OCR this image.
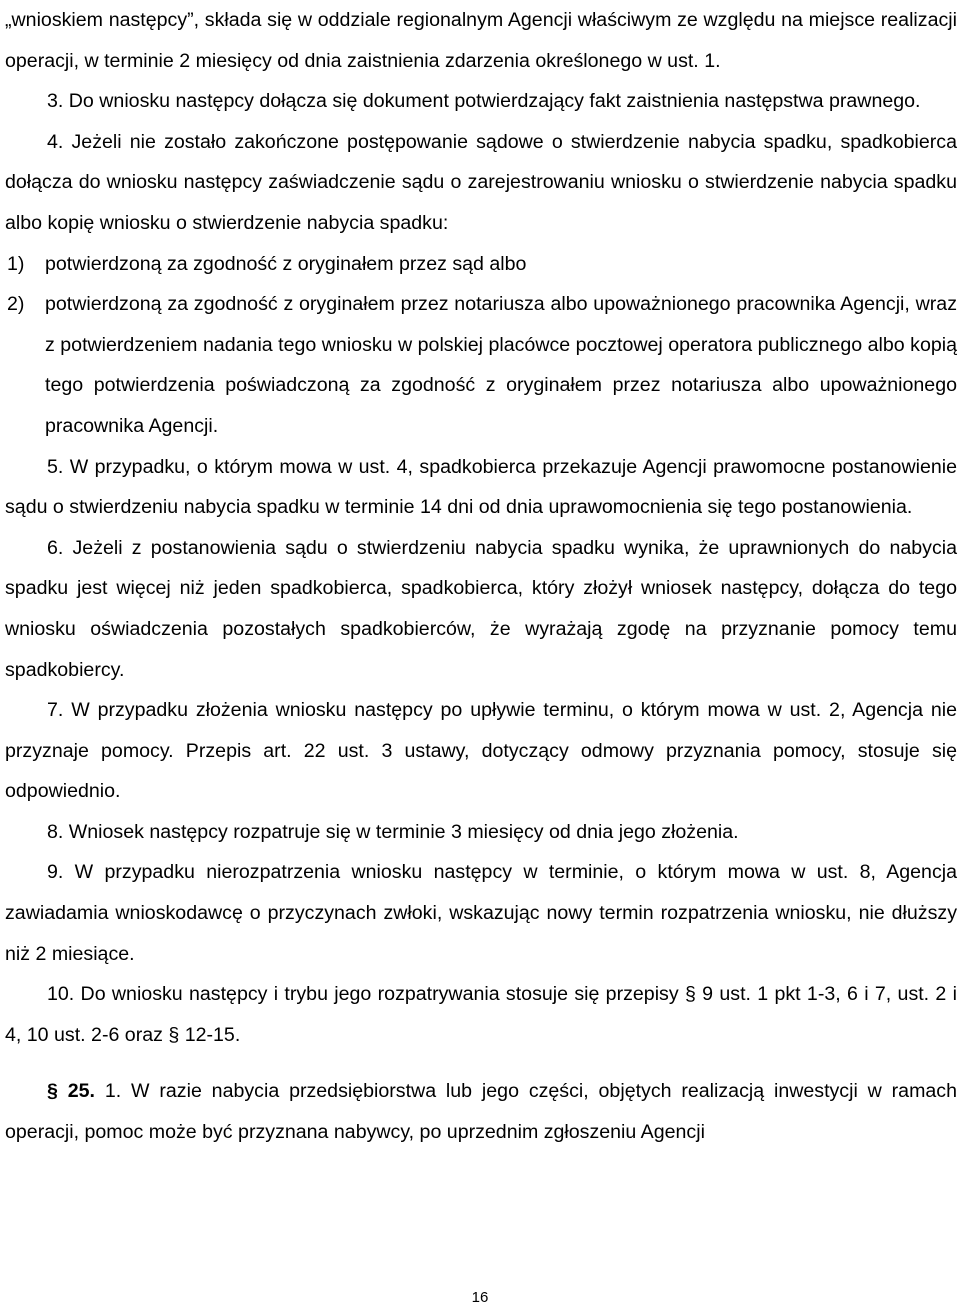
„wnioskiem następcy”, składa się w oddziale regionalnym Agencji właściwym ze względu na miejsce realizacji operacji, w terminie 2 miesięcy od dnia zaistnienia zdarzenia określonego w ust. 1.

3. Do wniosku następcy dołącza się dokument potwierdzający fakt zaistnienia następstwa prawnego.

4. Jeżeli nie zostało zakończone postępowanie sądowe o stwierdzenie nabycia spadku, spadkobierca dołącza do wniosku następcy zaświadczenie sądu o zarejestrowaniu wniosku o stwierdzenie nabycia spadku albo kopię wniosku o stwierdzenie nabycia spadku:

1)	potwierdzoną za zgodność z oryginałem przez sąd albo
2)	potwierdzoną za zgodność z oryginałem przez notariusza albo upoważnionego pracownika Agencji, wraz z potwierdzeniem nadania tego wniosku w polskiej placówce pocztowej operatora publicznego albo kopią tego potwierdzenia poświadczoną za zgodność z oryginałem przez notariusza albo upoważnionego pracownika Agencji.

5. W przypadku, o którym mowa w ust. 4, spadkobierca przekazuje Agencji prawomocne postanowienie sądu o stwierdzeniu nabycia spadku w terminie 14 dni od dnia uprawomocnienia się tego postanowienia.

6. Jeżeli z postanowienia sądu o stwierdzeniu nabycia spadku wynika, że uprawnionych do nabycia spadku jest więcej niż jeden spadkobierca, spadkobierca, który złożył wniosek następcy, dołącza do tego wniosku oświadczenia pozostałych spadkobierców, że wyrażają zgodę na przyznanie pomocy temu spadkobiercy.

7. W przypadku złożenia wniosku następcy po upływie terminu, o którym mowa w ust. 2, Agencja nie przyznaje pomocy. Przepis art. 22 ust. 3 ustawy, dotyczący odmowy przyznania pomocy, stosuje się odpowiednio.

8. Wniosek następcy rozpatruje się w terminie 3 miesięcy od dnia jego złożenia.

9. W przypadku nierozpatrzenia wniosku następcy w terminie, o którym mowa w ust. 8, Agencja zawiadamia wnioskodawcę o przyczynach zwłoki, wskazując nowy termin rozpatrzenia wniosku, nie dłuższy niż 2 miesiące.

10. Do wniosku następcy i trybu jego rozpatrywania stosuje się przepisy § 9 ust. 1 pkt 1-3, 6 i 7, ust. 2 i 4, 10 ust. 2-6 oraz § 12-15.

§ 25. 1. W razie nabycia przedsiębiorstwa lub jego części, objętych realizacją inwestycji w ramach operacji, pomoc może być przyznana nabywcy, po uprzednim zgłoszeniu Agencji

16
